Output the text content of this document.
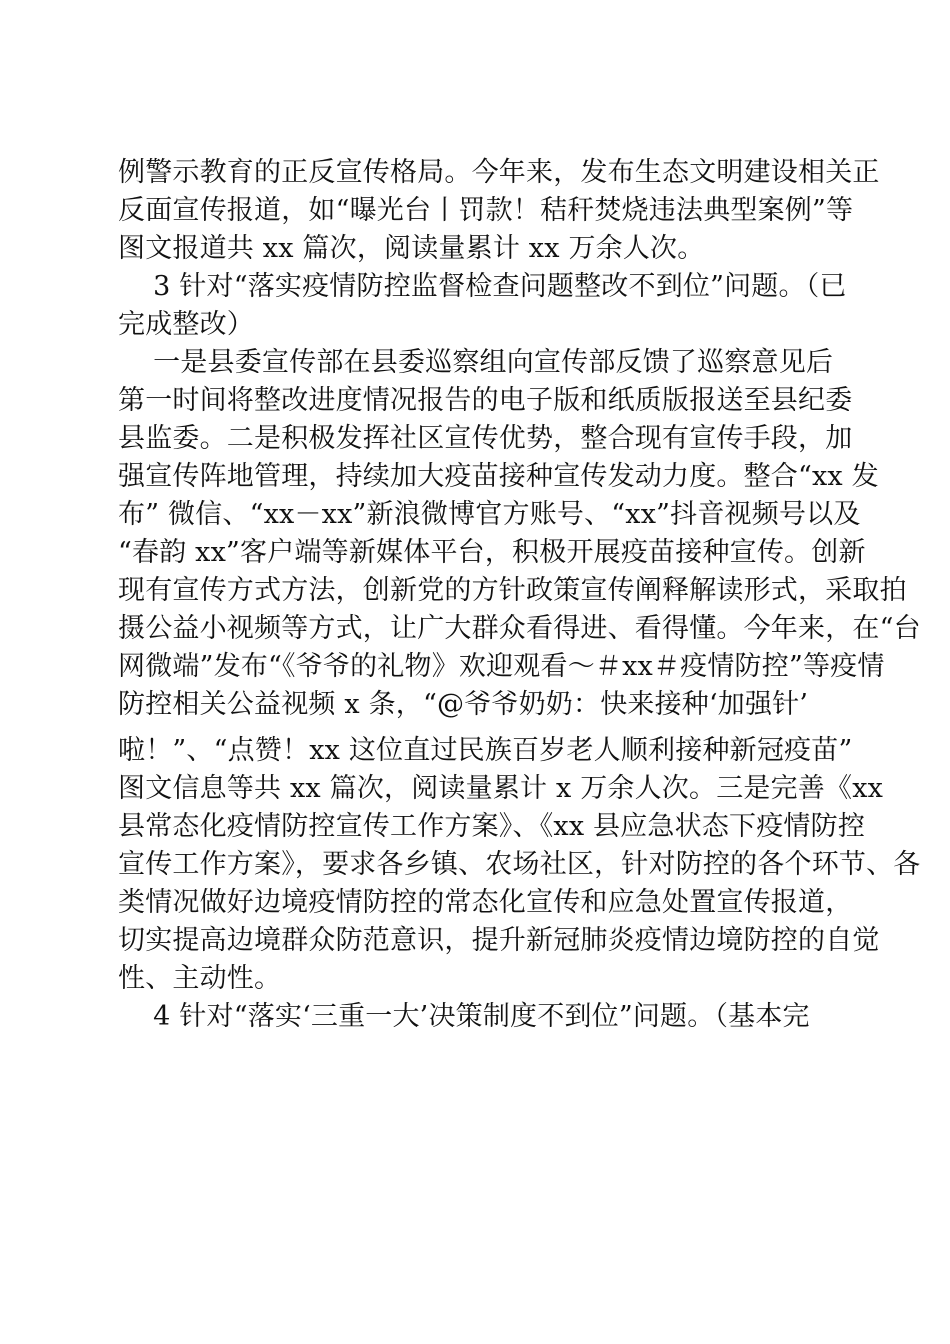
例警示教育的正反宣传格局。今年来，发布生态文明建设相关正
反面宣传报道，如“曝光台丨罚款！秸秆焚烧违法典型案例”等
图文报道共 xx 篇次，阅读量累计 xx 万余人次。
3 针对“落实疫情防控监督检查问题整改不到位”问题。（已
完成整改）
一是县委宣传部在县委巡察组向宣传部反馈了巡察意见后
第一时间将整改进度情况报告的电子版和纸质版报送至县纪委
县监委。二是积极发挥社区宣传优势，整合现有宣传手段，加
强宣传阵地管理，持续加大疫苗接种宣传发动力度。整合“xx 发
布” 微信、“xx－xx”新浪微博官方账号、“xx”抖音视频号以及
“春韵 xx”客户端等新媒体平台，积极开展疫苗接种宣传。创新
现有宣传方式方法，创新党的方针政策宣传阐释解读形式，采取拍
摄公益小视频等方式，让广大群众看得进、看得懂。今年来，在“台
网微端”发布“《爷爷的礼物》欢迎观看～＃xx＃疫情防控”等疫情
防控相关公益视频 x 条，“@爷爷奶奶：快来接种‘加强针’
啦！”、“点赞！xx 这位直过民族百岁老人顺利接种新冠疫苗”
图文信息等共 xx 篇次，阅读量累计 x 万余人次。三是完善《xx
县常态化疫情防控宣传工作方案》、《xx 县应急状态下疫情防控
宣传工作方案》，要求各乡镇、农场社区，针对防控的各个环节、各
类情况做好边境疫情防控的常态化宣传和应急处置宣传报道，
切实提高边境群众防范意识，提升新冠肺炎疫情边境防控的自觉
性、主动性。
4 针对“落实‘三重一大’决策制度不到位”问题。（基本完
